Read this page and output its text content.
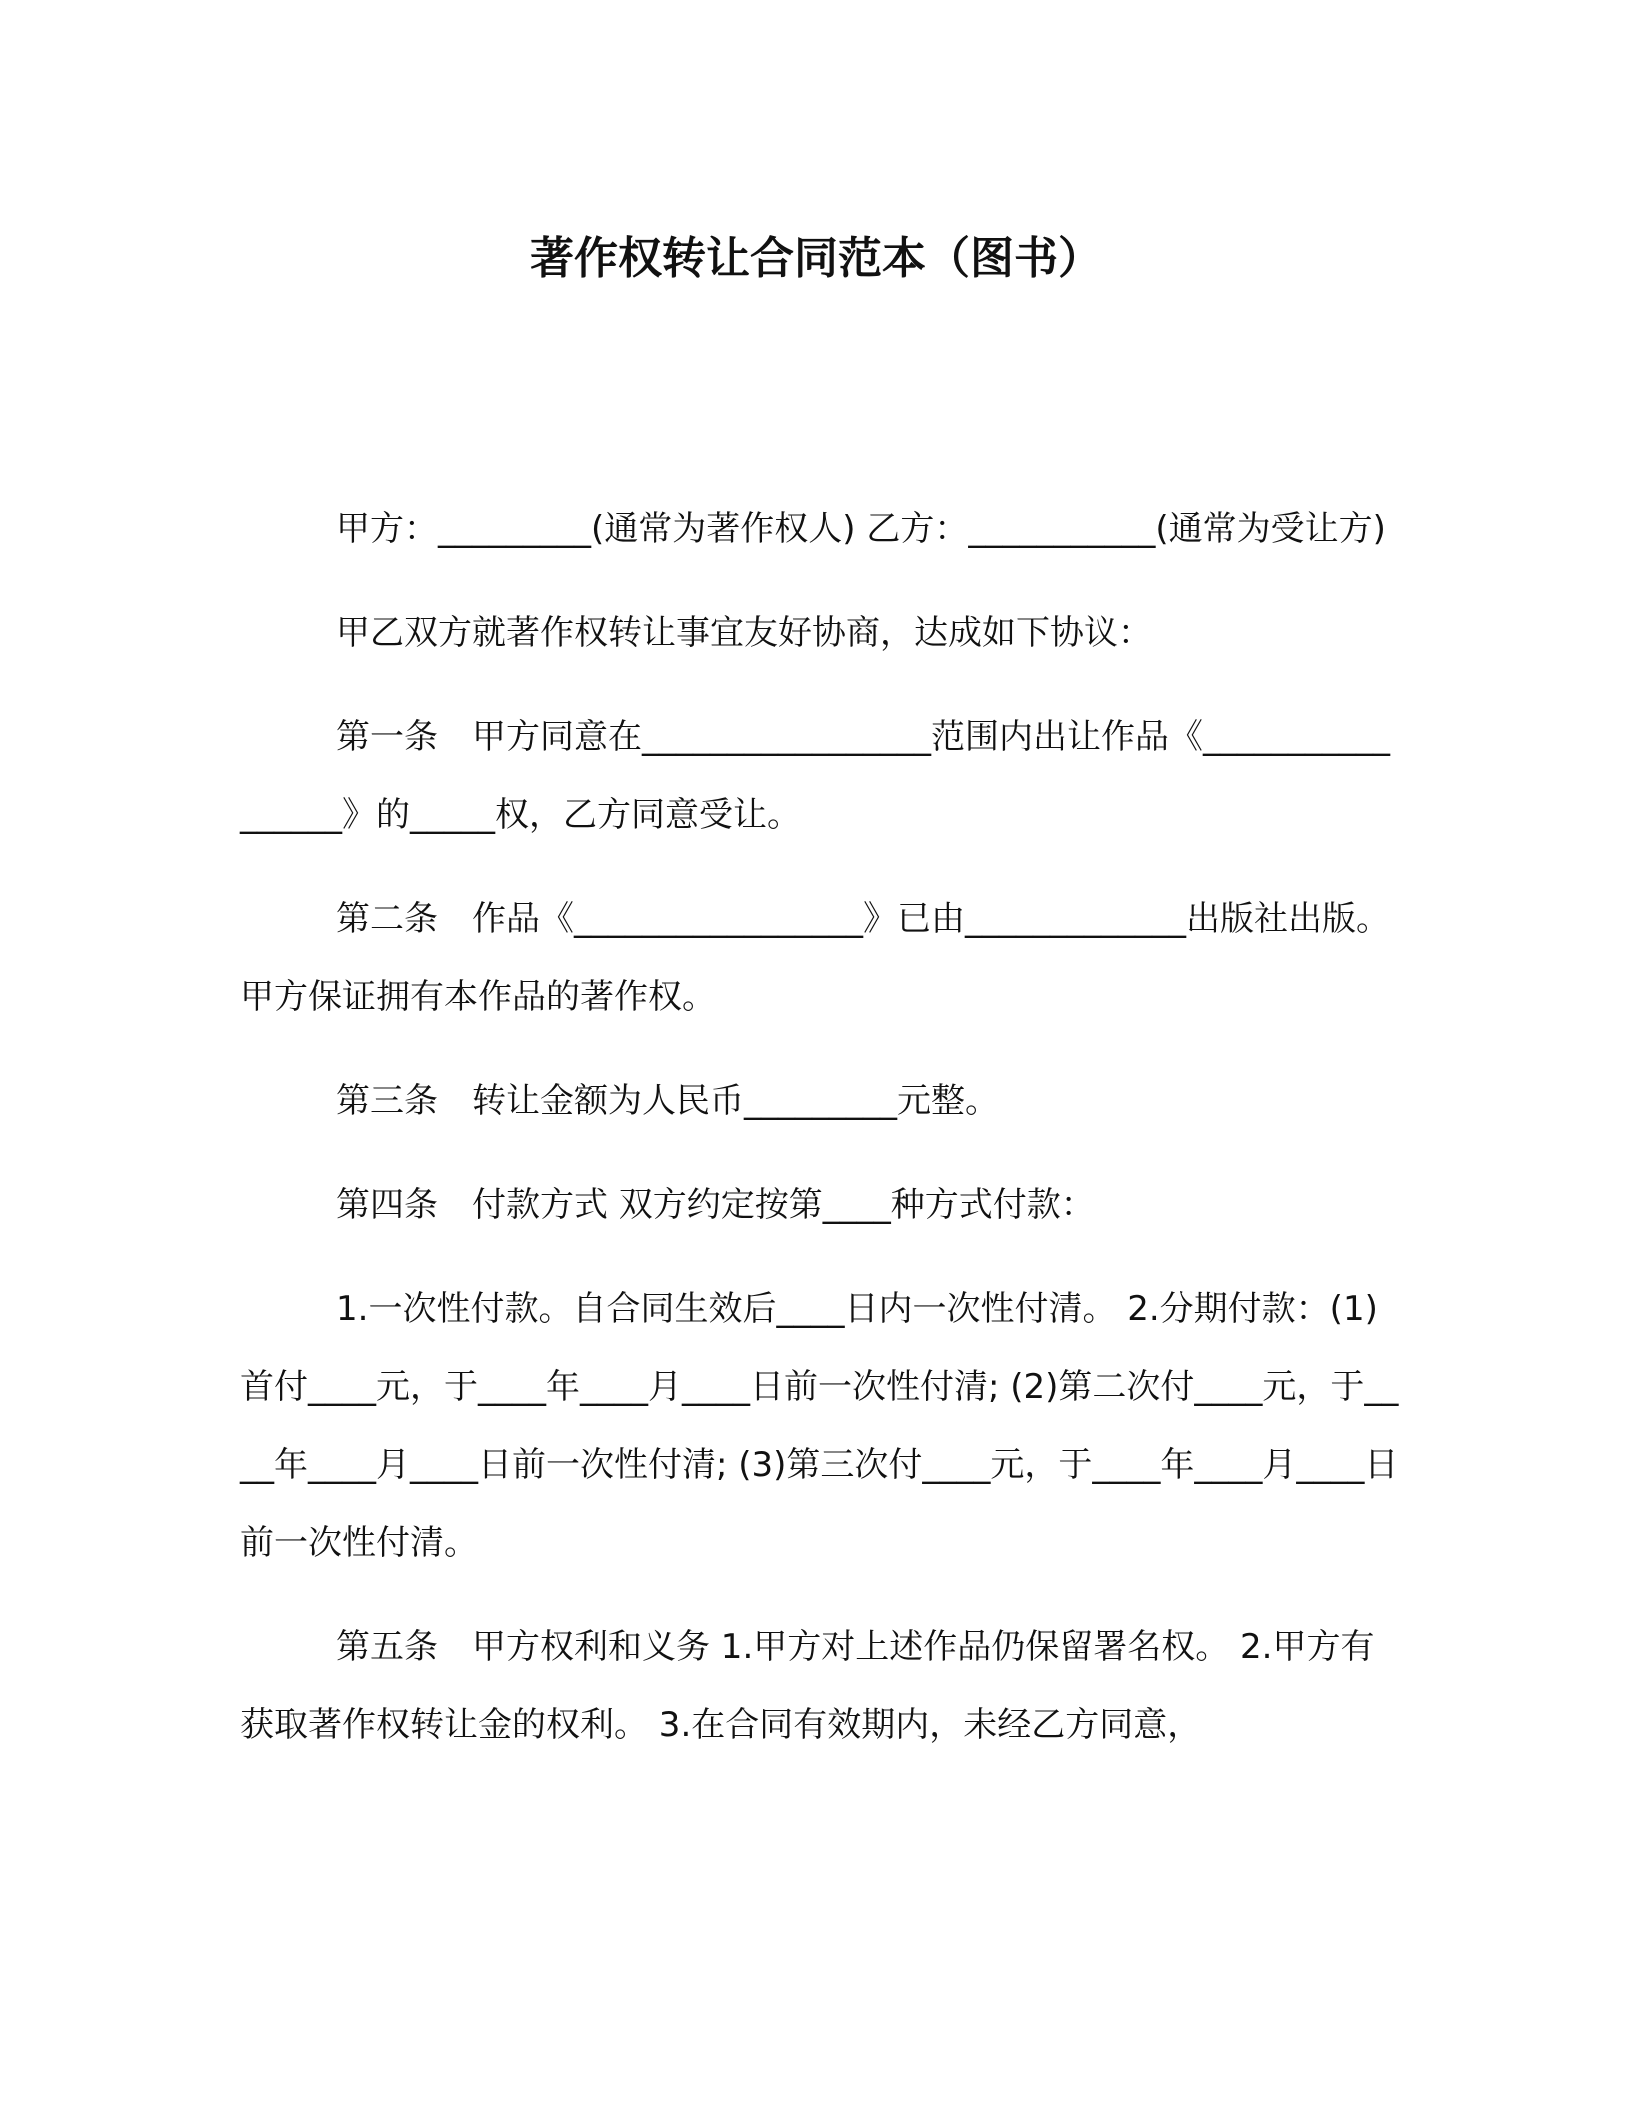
著作权转让合同范本（图书）

甲方：_________(通常为著作权人) 乙方：___________(通常为受让方)

甲乙双方就著作权转让事宜友好协商，达成如下协议：

第一条　甲方同意在_________________范围内出让作品《_________________》的_____权，乙方同意受让。

第二条　作品《_________________》已由_____________出版社出版。甲方保证拥有本作品的著作权。

第三条　转让金额为人民币_________元整。

第四条　付款方式 双方约定按第____种方式付款：

1.一次性付款。自合同生效后____日内一次性付清。 2.分期付款：(1)首付____元，于____年____月____日前一次性付清; (2)第二次付____元，于____年____月____日前一次性付清; (3)第三次付____元，于____年____月____日前一次性付清。

第五条　甲方权利和义务 1.甲方对上述作品仍保留署名权。 2.甲方有获取著作权转让金的权利。 3.在合同有效期内，未经乙方同意，
